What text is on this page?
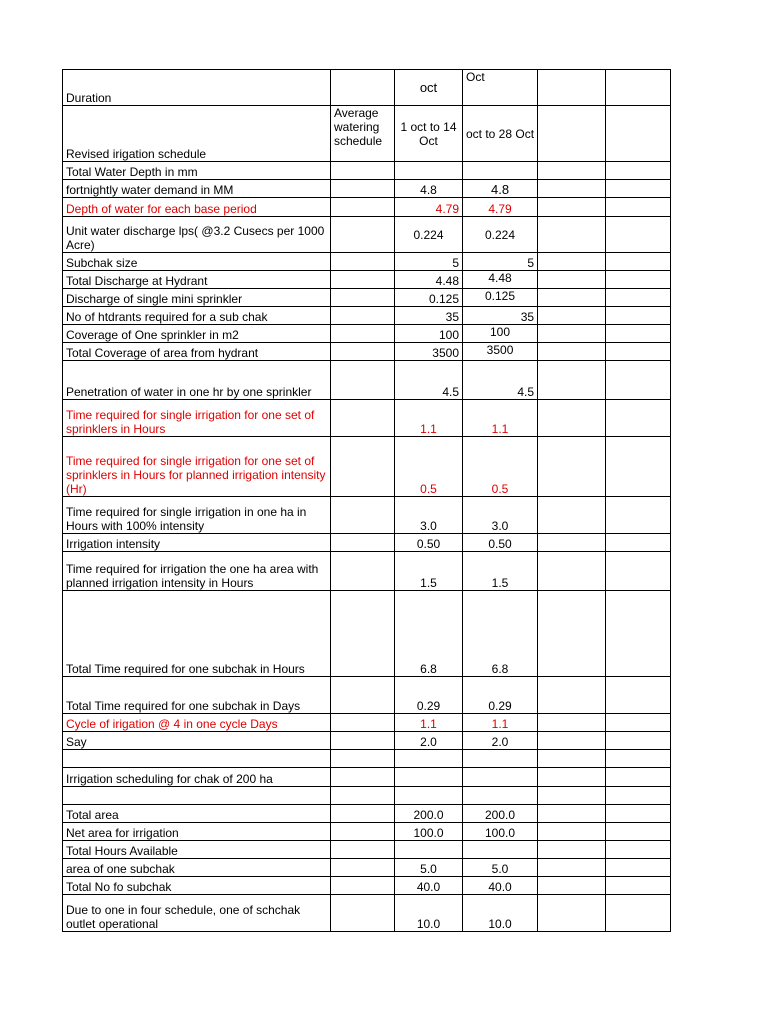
Duration		oct	Oct		
Revised irigation schedule	Average watering schedule	1 oct to 14 Oct	oct to 28 Oct		
Total Water Depth in mm					
fortnightly water demand in MM		4.8	4.8		
Depth of water for each base period		4.79	4.79		
Unit water discharge lps( @3.2 Cusecs per 1000 Acre)		0.224	0.224		
Subchak size		5	5		
Total Discharge at Hydrant		4.48	4.48		
Discharge of single mini sprinkler		0.125	0.125		
No of htdrants required for a sub chak		35	35		
Coverage of One sprinkler in m2		100	100		
Total Coverage of area from hydrant		3500	3500		
Penetration of water in one hr by one sprinkler		4.5	4.5		
Time required for single irrigation for one set of sprinklers in Hours		1.1	1.1		
Time required for single irrigation for one set of sprinklers in Hours for planned irrigation intensity (Hr)		0.5	0.5		
Time required for single irrigation in one ha in Hours with 100% intensity		3.0	3.0		
Irrigation intensity		0.50	0.50		
Time required for irrigation the one ha area with planned irrigation intensity in Hours		1.5	1.5		
Total Time required for one subchak in Hours		6.8	6.8		
Total Time required for one subchak in Days		0.29	0.29		
Cycle of irigation @ 4 in one cycle Days		1.1	1.1		
Say		2.0	2.0		

Irrigation scheduling for chak of 200 ha					

Total area		200.0	200.0		
Net area for irrigation		100.0	100.0		
Total Hours Available					
area of one subchak		5.0	5.0		
Total No fo subchak		40.0	40.0		
Due to one in four schedule, one of schchak outlet operational		10.0	10.0		
